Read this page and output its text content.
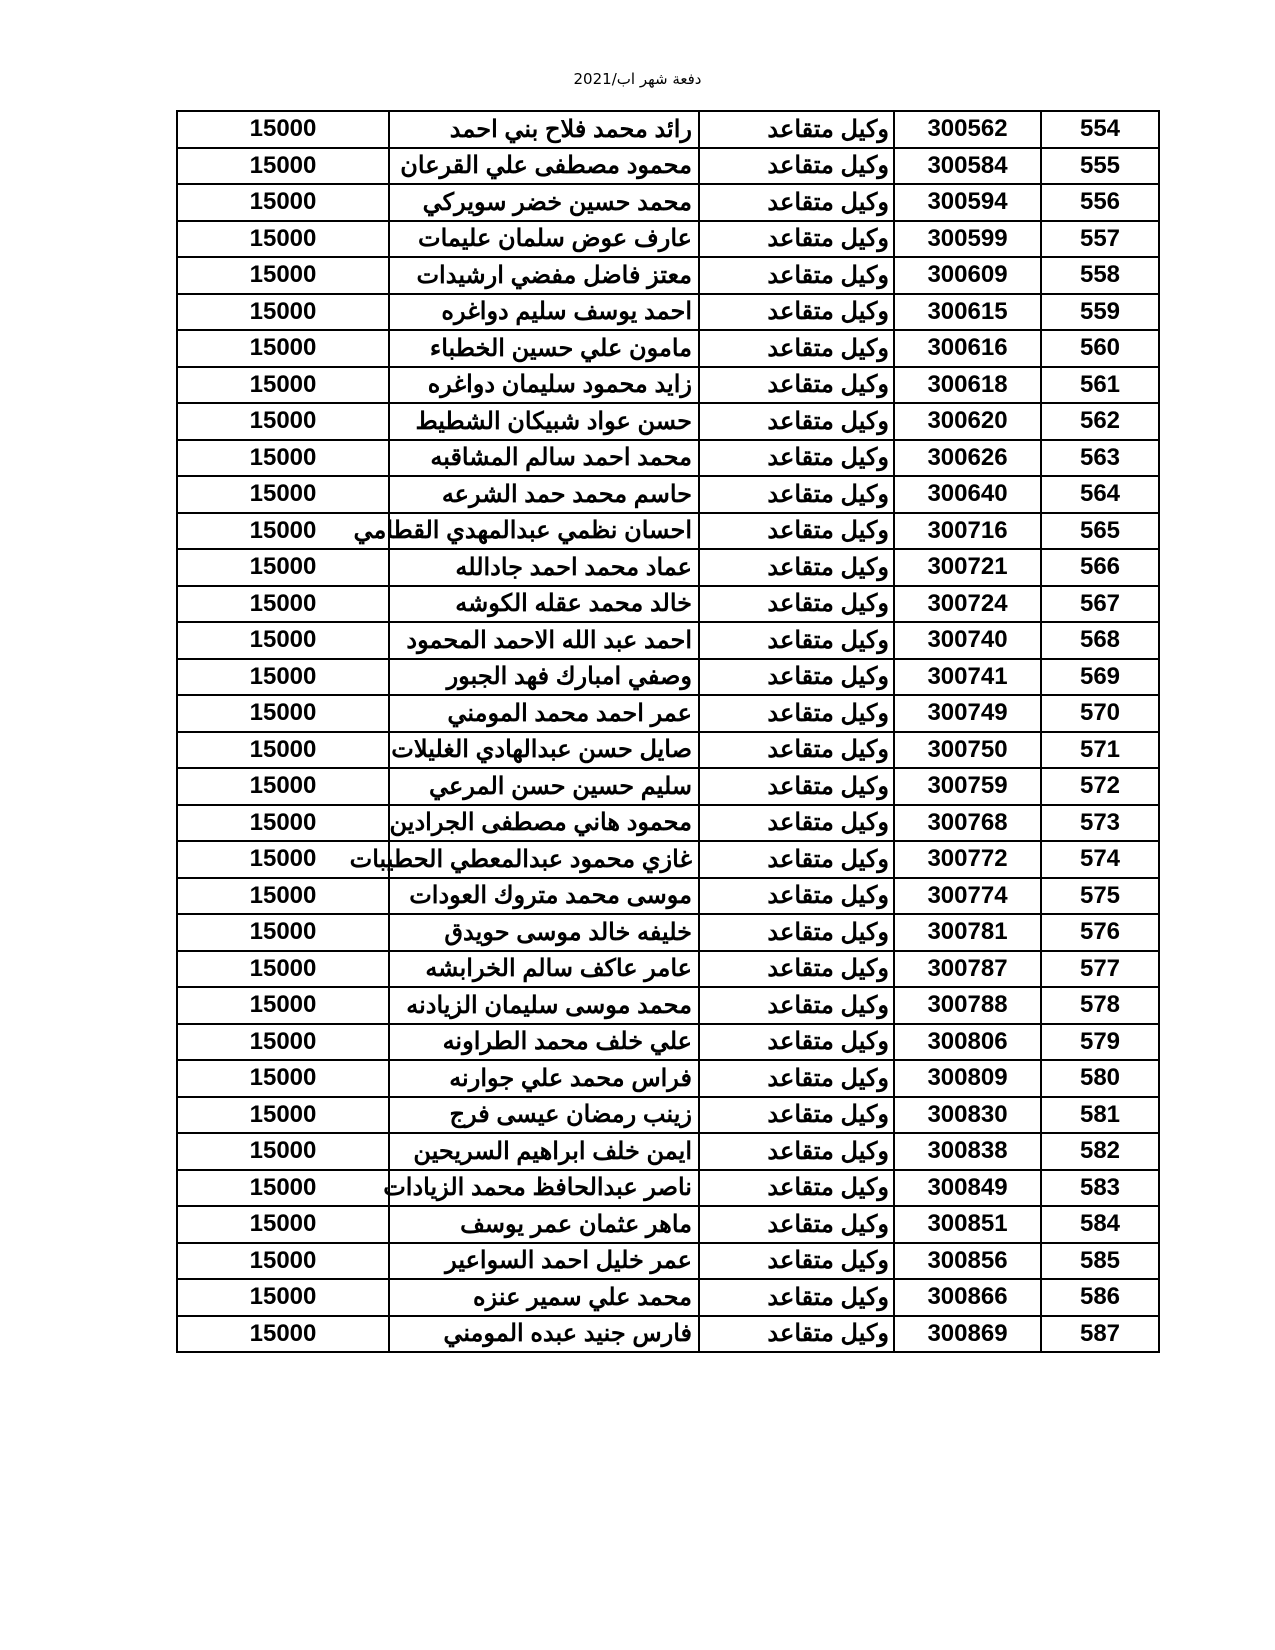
دفعة شهر اب/2021
15000	رائد محمد فلاح بني احمد	وكيل متقاعد	300562	554
15000	محمود مصطفى علي القرعان	وكيل متقاعد	300584	555
15000	محمد حسين خضر سويركي	وكيل متقاعد	300594	556
15000	عارف عوض سلمان عليمات	وكيل متقاعد	300599	557
15000	معتز فاضل مفضي ارشيدات	وكيل متقاعد	300609	558
15000	احمد يوسف سليم دواغره	وكيل متقاعد	300615	559
15000	مامون علي حسين الخطباء	وكيل متقاعد	300616	560
15000	زايد محمود سليمان دواغره	وكيل متقاعد	300618	561
15000	حسن عواد شبيكان الشطيط	وكيل متقاعد	300620	562
15000	محمد احمد سالم المشاقبه	وكيل متقاعد	300626	563
15000	حاسم محمد حمد الشرعه	وكيل متقاعد	300640	564
15000	احسان نظمي عبدالمهدي القطامي	وكيل متقاعد	300716	565
15000	عماد محمد احمد جادالله	وكيل متقاعد	300721	566
15000	خالد محمد عقله الكوشه	وكيل متقاعد	300724	567
15000	احمد عبد الله الاحمد المحمود	وكيل متقاعد	300740	568
15000	وصفي امبارك فهد الجبور	وكيل متقاعد	300741	569
15000	عمر احمد محمد المومني	وكيل متقاعد	300749	570
15000	صايل حسن عبدالهادي الغليلات	وكيل متقاعد	300750	571
15000	سليم حسين حسن المرعي	وكيل متقاعد	300759	572
15000	محمود هاني مصطفى الجرادين	وكيل متقاعد	300768	573
15000	غازي محمود عبدالمعطي الحطيبات	وكيل متقاعد	300772	574
15000	موسى محمد متروك العودات	وكيل متقاعد	300774	575
15000	خليفه خالد موسى حويدق	وكيل متقاعد	300781	576
15000	عامر عاكف سالم الخرابشه	وكيل متقاعد	300787	577
15000	محمد موسى سليمان الزيادنه	وكيل متقاعد	300788	578
15000	علي خلف محمد الطراونه	وكيل متقاعد	300806	579
15000	فراس محمد علي جوارنه	وكيل متقاعد	300809	580
15000	زينب رمضان عيسى فرج	وكيل متقاعد	300830	581
15000	ايمن خلف ابراهيم السريحين	وكيل متقاعد	300838	582
15000	ناصر عبدالحافظ محمد الزيادات	وكيل متقاعد	300849	583
15000	ماهر عثمان عمر يوسف	وكيل متقاعد	300851	584
15000	عمر خليل احمد السواعير	وكيل متقاعد	300856	585
15000	محمد علي سمير عنزه	وكيل متقاعد	300866	586
15000	فارس جنيد عبده المومني	وكيل متقاعد	300869	587
